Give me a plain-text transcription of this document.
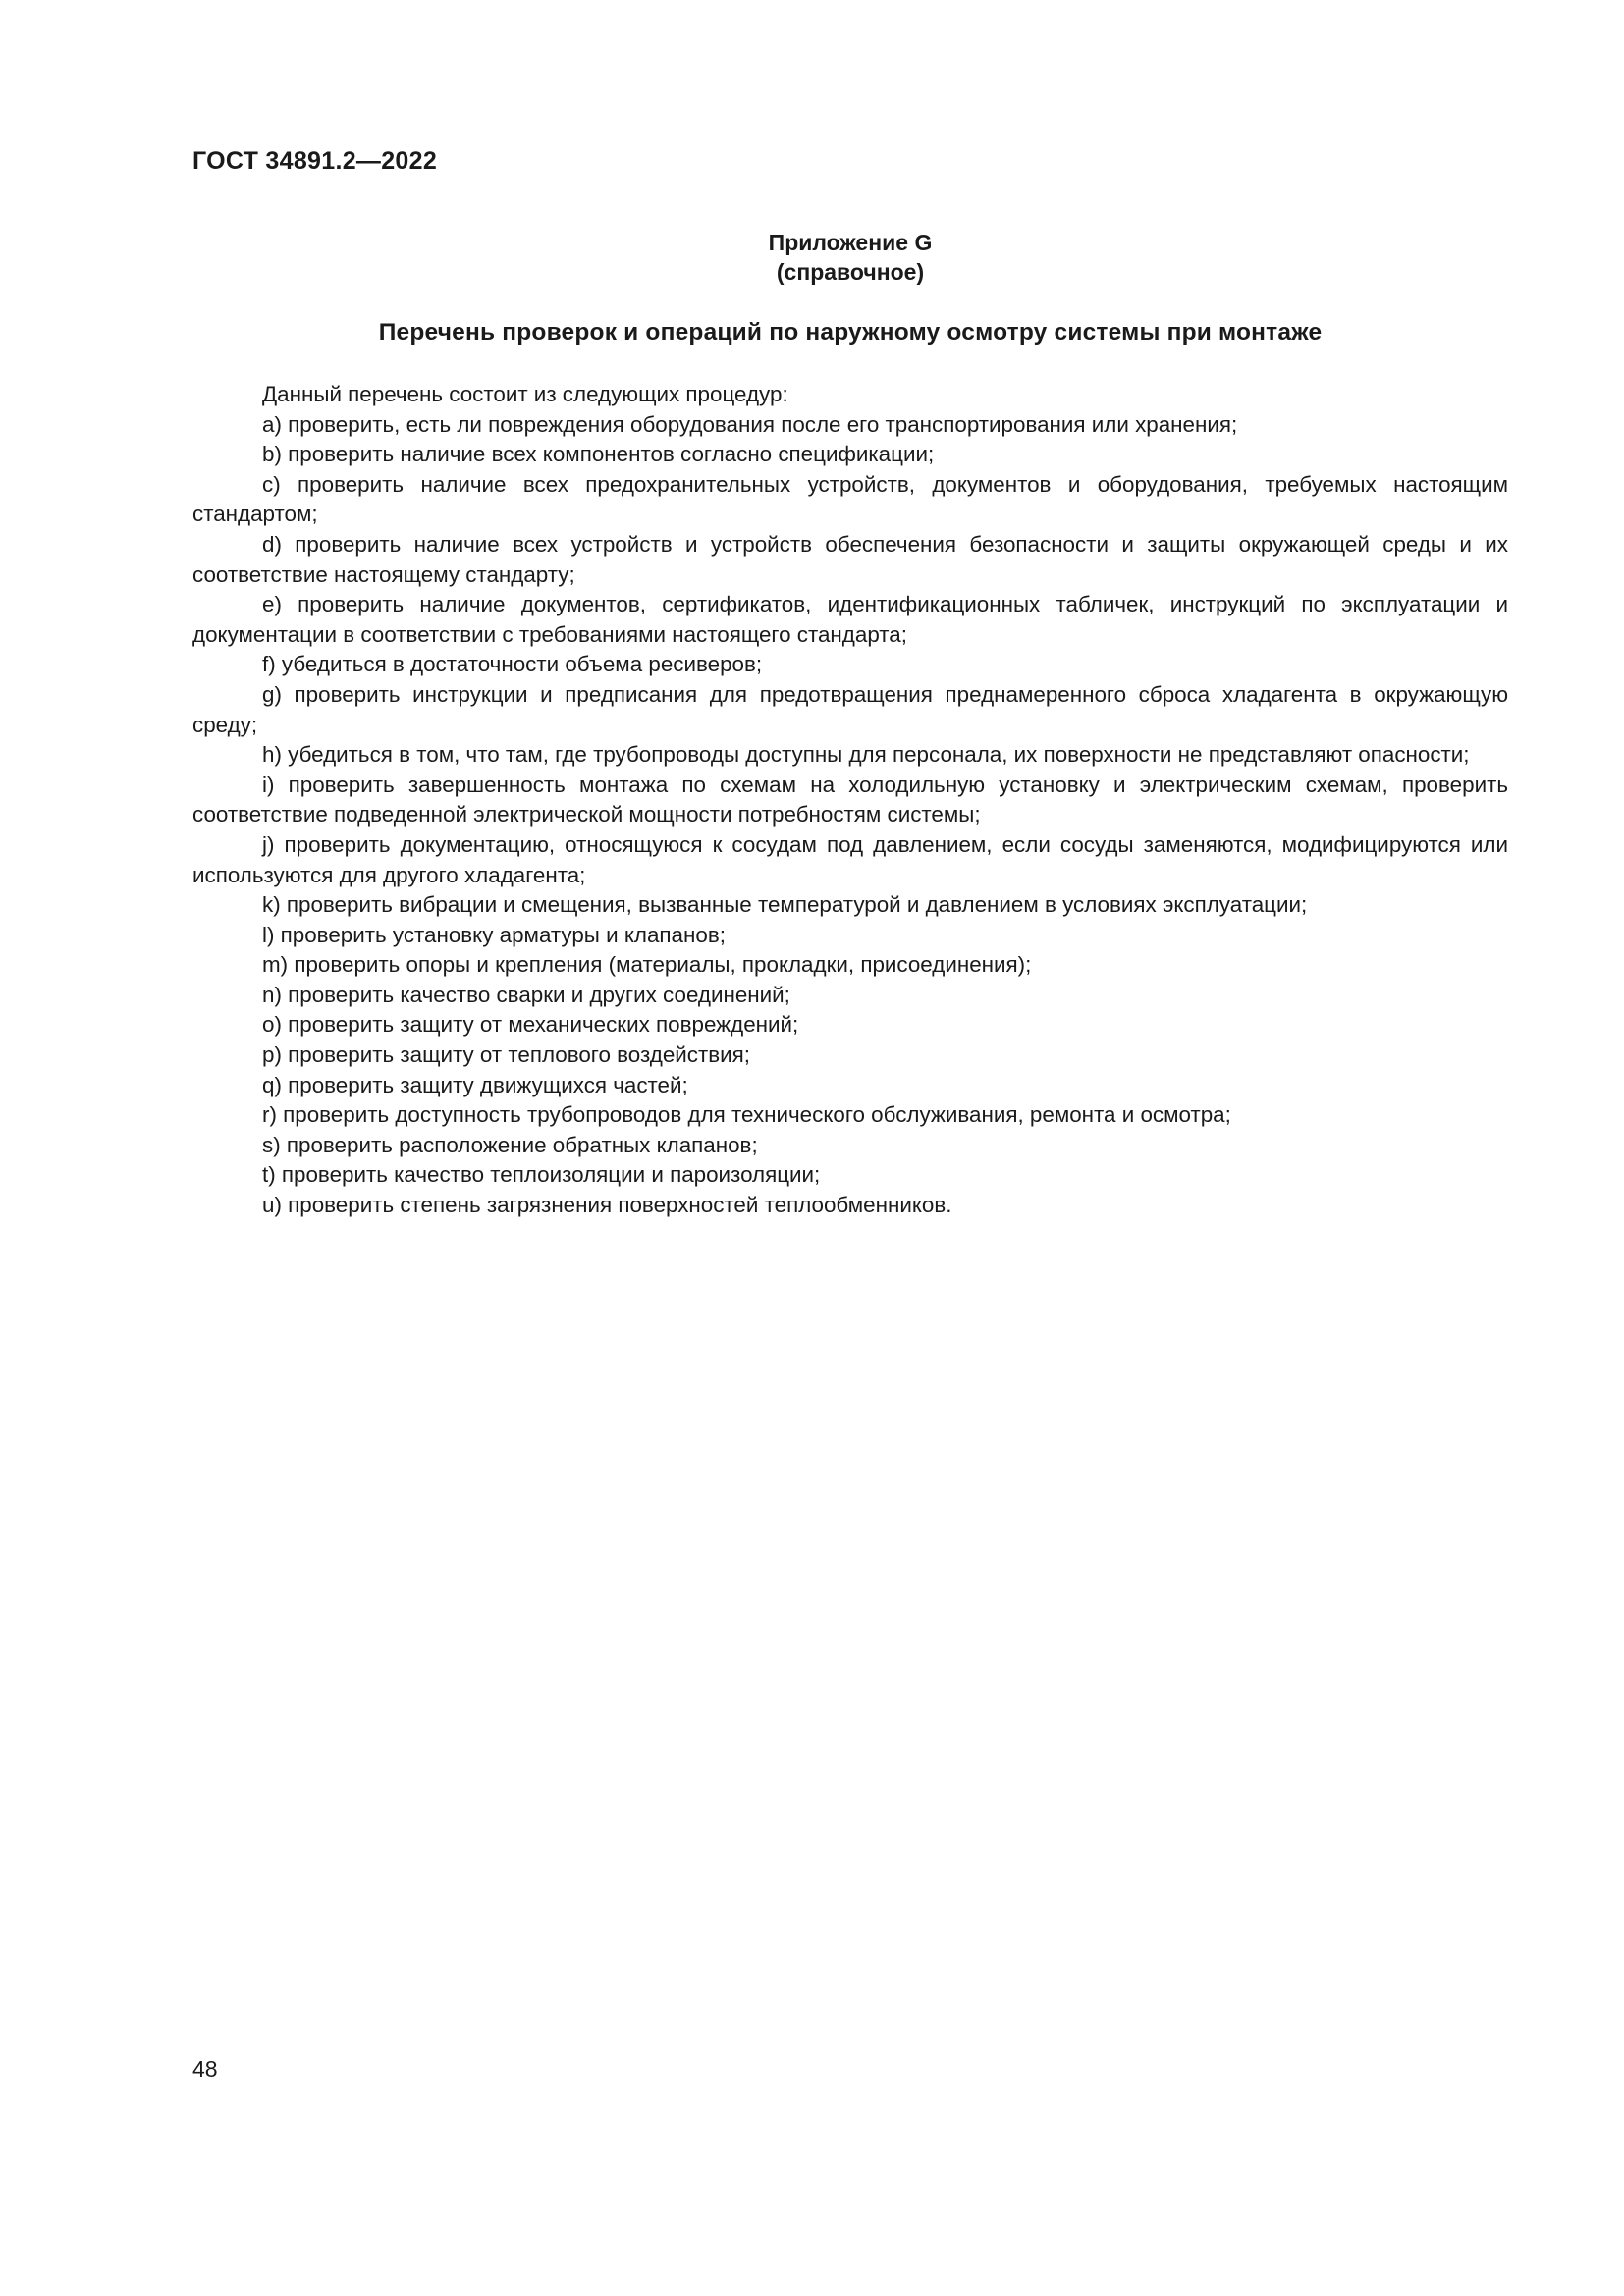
ГОСТ 34891.2—2022
Приложение G
(справочное)
Перечень проверок и операций по наружному осмотру системы при монтаже

Данный перечень состоит из следующих процедур:

a) проверить, есть ли повреждения оборудования после его транспортирования или хранения;

b) проверить наличие всех компонентов согласно спецификации;

c) проверить наличие всех предохранительных устройств, документов и оборудования, требуемых настоящим стандартом;

d) проверить наличие всех устройств и устройств обеспечения безопасности и защиты окружающей среды и их соответствие настоящему стандарту;

e) проверить наличие документов, сертификатов, идентификационных табличек, инструкций по эксплуатации и документации в соответствии с требованиями настоящего стандарта;

f) убедиться в достаточности объема ресиверов;

g) проверить инструкции и предписания для предотвращения преднамеренного сброса хладагента в окружающую среду;

h) убедиться в том, что там, где трубопроводы доступны для персонала, их поверхности не представляют опасности;

i) проверить завершенность монтажа по схемам на холодильную установку и электрическим схемам, проверить соответствие подведенной электрической мощности потребностям системы;

j) проверить документацию, относящуюся к сосудам под давлением, если сосуды заменяются, модифицируются или используются для другого хладагента;

k) проверить вибрации и смещения, вызванные температурой и давлением в условиях эксплуатации;

l) проверить установку арматуры и клапанов;

m) проверить опоры и крепления (материалы, прокладки, присоединения);

n) проверить качество сварки и других соединений;

o) проверить защиту от механических повреждений;

p) проверить защиту от теплового воздействия;

q) проверить защиту движущихся частей;

r) проверить доступность трубопроводов для технического обслуживания, ремонта и осмотра;

s) проверить расположение обратных клапанов;

t) проверить качество теплоизоляции и пароизоляции;

u) проверить степень загрязнения поверхностей теплообменников.

48
